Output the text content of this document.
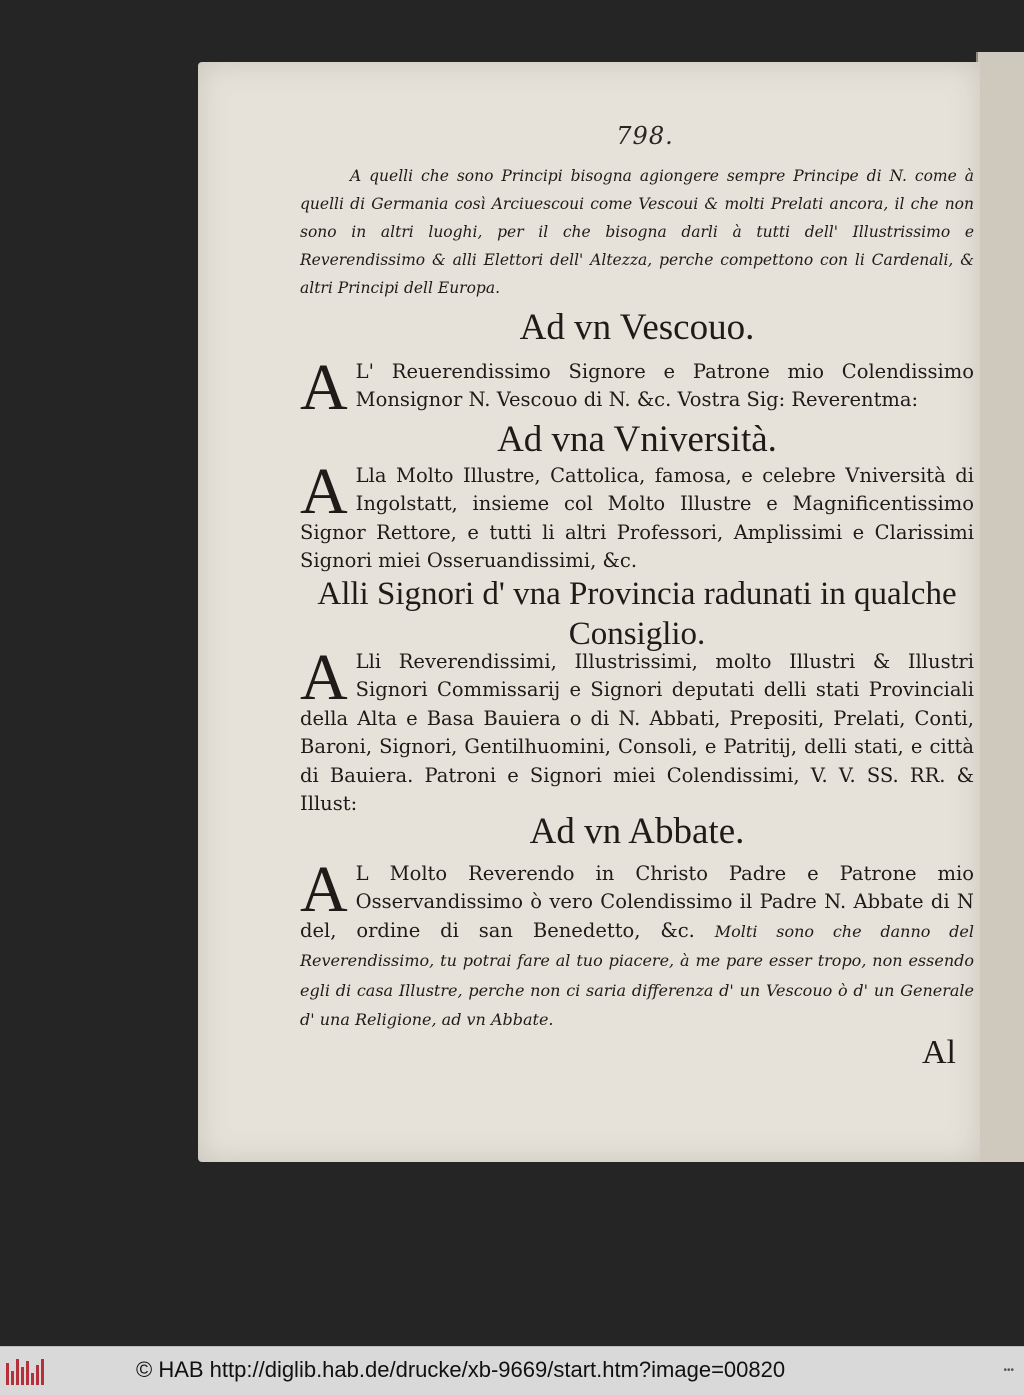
798.
A quelli che sono Principi bisogna agiongere sempre Principe di N. come à quelli di Germania così Arciuescoui come Vescoui & molti Prelati ancora, il che non sono in altri luoghi, per il che bisogna darli à tutti dell' Illustrissimo e Reverendissimo & alli Elettori dell' Altezza, perche compettono con li Cardenali, & altri Principi dell Europa.
Ad vn Vescouo.
A L' Reuerendissimo Signore e Patrone mio Colendissimo Monsignor N. Vescouo di N. &c. Vostra Sig: Reverentma:
Ad vna Vniversità.
A Lla Molto Illustre, Cattolica, famosa, e celebre Vniversità di Ingolstatt, insieme col Molto Illustre e Magnificentissimo Signor Rettore, e tutti li altri Professori, Amplissimi e Clarissimi Signori miei Osseruandissimi, &c.
Alli Signori d' vna Provincia radunati in qualche Consiglio.
A Lli Reverendissimi, Illustrissimi, molto Illustri & Illustri Signori Commissarij e Signori deputati delli stati Provinciali della Alta e Basa Bauiera o di N. Abbati, Prepositi, Prelati, Conti, Baroni, Signori, Gentilhuomini, Consoli, e Patritij, delli stati, e città di Bauiera. Patroni e Signori miei Colendissimi, V. V. SS. RR. & Illust:
Ad vn Abbate.
A L Molto Reverendo in Christo Padre e Patrone mio Osservandissimo ò vero Colendissimo il Padre N. Abbate di N del, ordine di san Benedetto, &c. Molti sono che danno del Reverendissimo, tu potrai fare al tuo piacere, à me pare esser tropo, non essendo egli di casa Illustre, perche non ci saria differenza d' un Vescouo ò d' un Generale d' una Religione, ad vn Abbate.
Al
© HAB http://diglib.hab.de/drucke/xb-9669/start.htm?image=00820	•••
